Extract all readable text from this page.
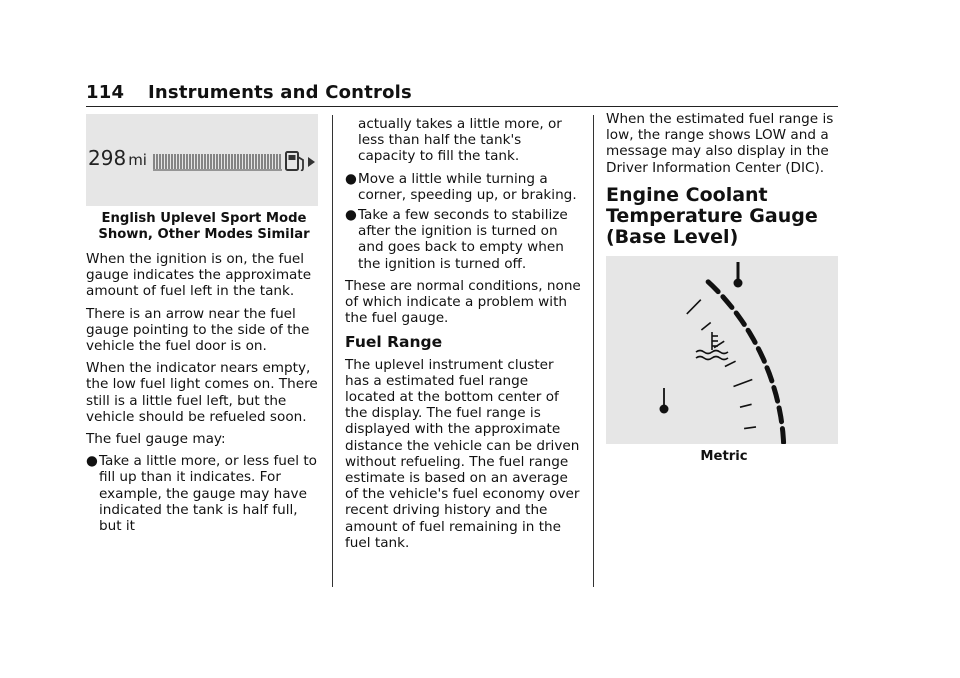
114 Instruments and Controls
298 mi
English Uplevel Sport Mode Shown, Other Modes Similar

When the ignition is on, the fuel gauge indicates the approximate amount of fuel left in the tank.

There is an arrow near the fuel gauge pointing to the side of the vehicle the fuel door is on.

When the indicator nears empty, the low fuel light comes on. There still is a little fuel left, but the vehicle should be refueled soon.

The fuel gauge may:

● Take a little more, or less fuel to fill up than it indicates. For example, the gauge may have indicated the tank is half full, but it

actually takes a little more, or less than half the tank's capacity to fill the tank.

● Move a little while turning a corner, speeding up, or braking.
● Take a few seconds to stabilize after the ignition is turned on and goes back to empty when the ignition is turned off.

These are normal conditions, none of which indicate a problem with the fuel gauge.

Fuel Range

The uplevel instrument cluster has a estimated fuel range located at the bottom center of the display. The fuel range is displayed with the approximate distance the vehicle can be driven without refueling. The fuel range estimate is based on an average of the vehicle's fuel economy over recent driving history and the amount of fuel remaining in the fuel tank.

When the estimated fuel range is low, the range shows LOW and a message may also display in the Driver Information Center (DIC).

Engine Coolant Temperature Gauge (Base Level)
Metric
